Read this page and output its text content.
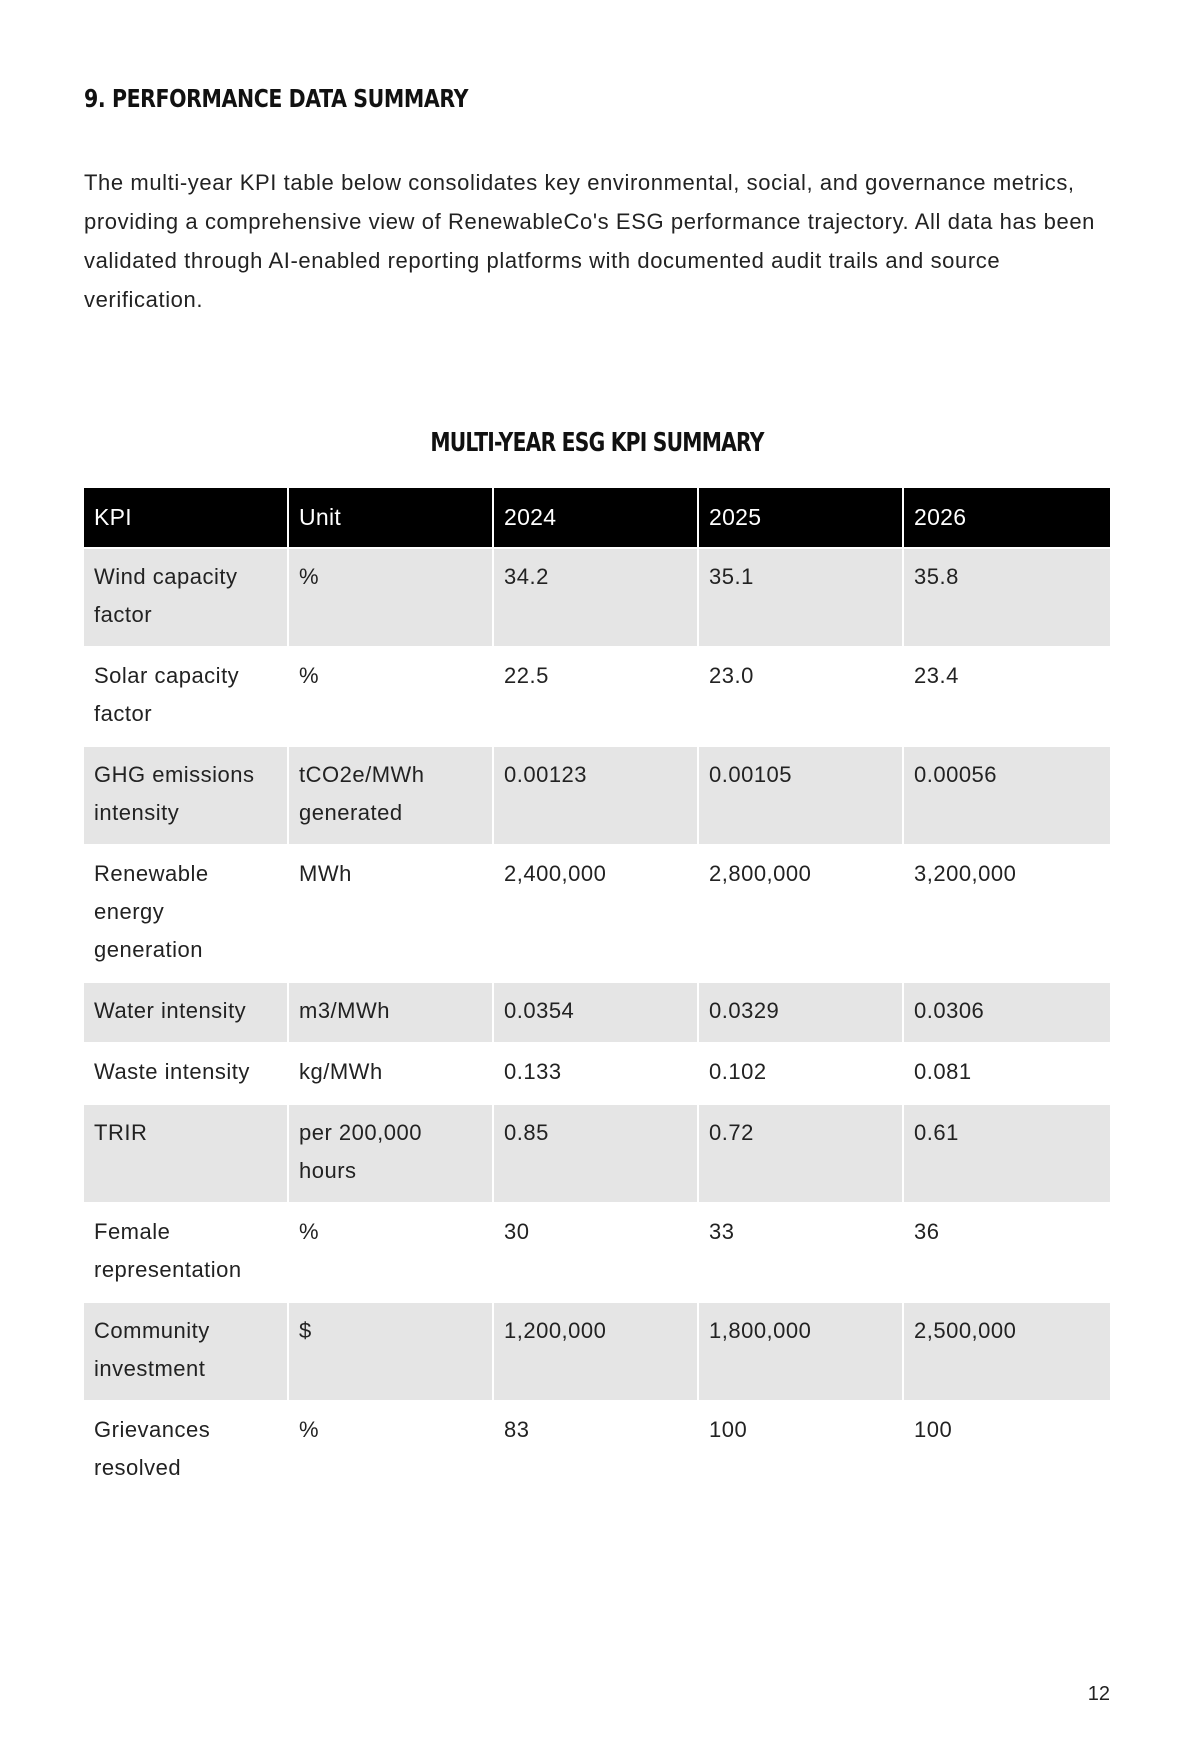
9. PERFORMANCE DATA SUMMARY

The multi-year KPI table below consolidates key environmental, social, and governance metrics, providing a comprehensive view of RenewableCo's ESG performance trajectory. All data has been validated through AI-enabled reporting platforms with documented audit trails and source verification.

MULTI-YEAR ESG KPI SUMMARY
KPI	Unit	2024	2025	2026
Wind capacity factor	%	34.2	35.1	35.8
Solar capacity factor	%	22.5	23.0	23.4
GHG emissions intensity	tCO2e/MWh generated	0.00123	0.00105	0.00056
Renewable energy generation	MWh	2,400,000	2,800,000	3,200,000
Water intensity	m3/MWh	0.0354	0.0329	0.0306
Waste intensity	kg/MWh	0.133	0.102	0.081
TRIR	per 200,000 hours	0.85	0.72	0.61
Female representation	%	30	33	36
Community investment	$	1,200,000	1,800,000	2,500,000
Grievances resolved	%	83	100	100
12
